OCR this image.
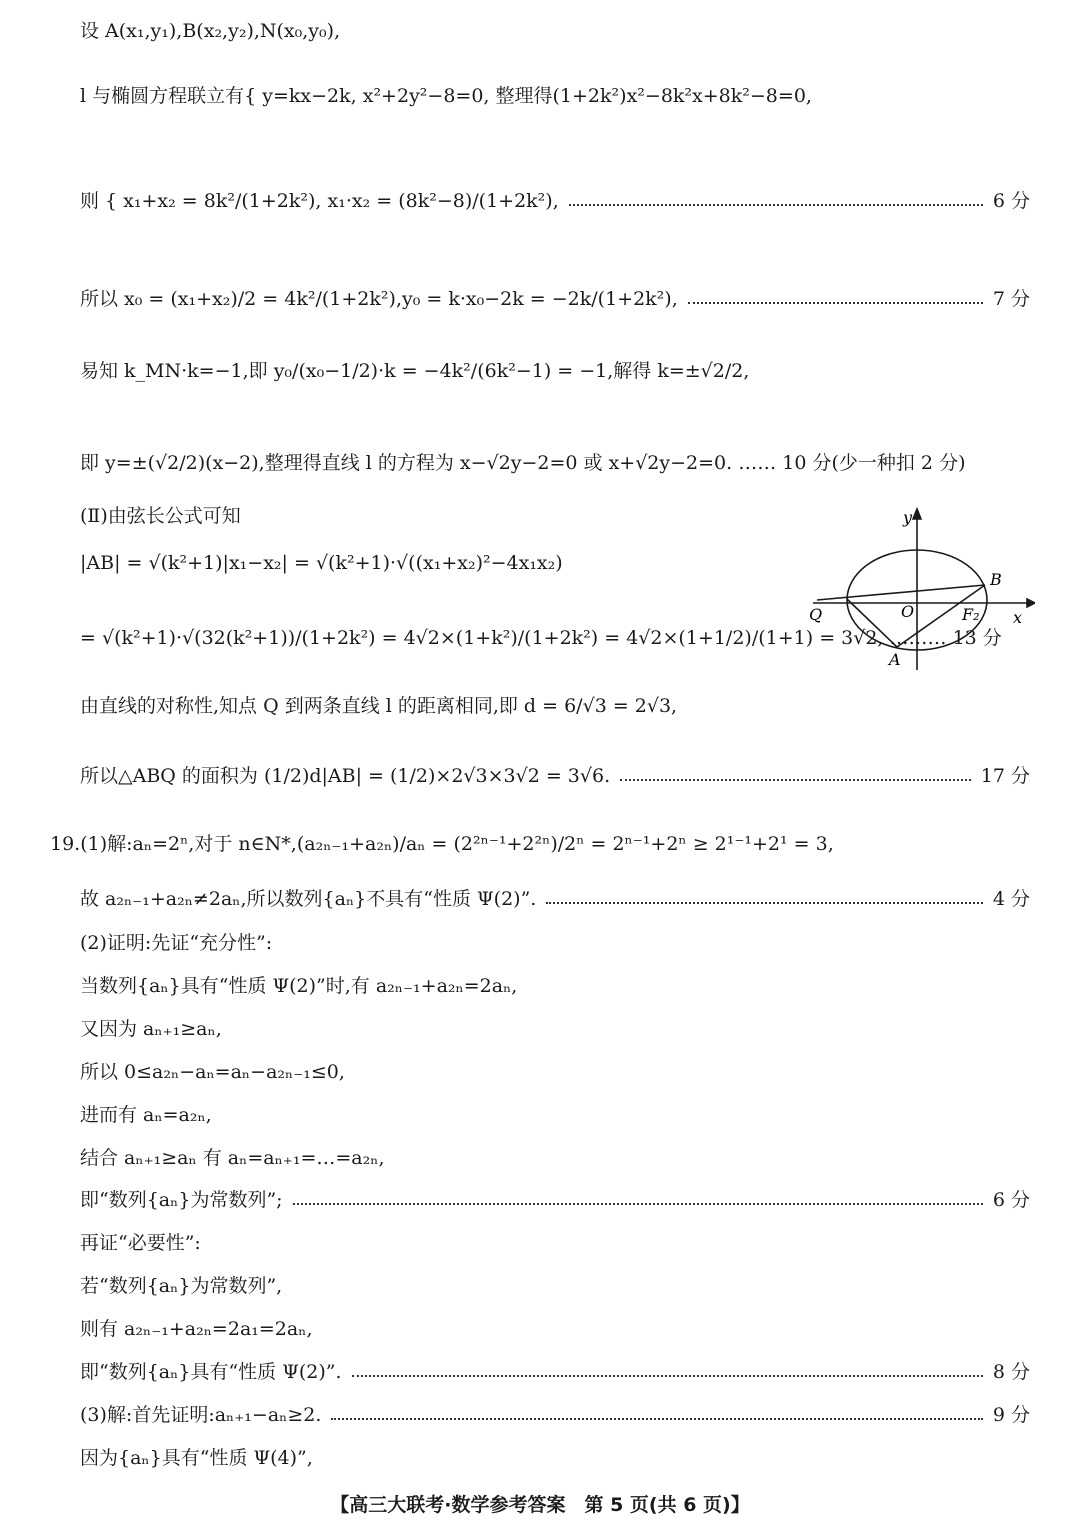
设 A(x₁,y₁),B(x₂,y₂),N(x₀,y₀),
l 与椭圆方程联立有{ y=kx−2k, x²+2y²−8=0, 整理得(1+2k²)x²−8k²x+8k²−8=0,
则 { x₁+x₂ = 8k²/(1+2k²), x₁·x₂ = (8k²−8)/(1+2k²),	6 分
所以 x₀ = (x₁+x₂)/2 = 4k²/(1+2k²),y₀ = k·x₀−2k = −2k/(1+2k²),	7 分
易知 k_MN·k=−1,即 y₀/(x₀−1/2)·k = −4k²/(6k²−1) = −1,解得 k=±√2/2,
即 y=±(√2/2)(x−2),整理得直线 l 的方程为 x−√2y−2=0 或 x+√2y−2=0. …… 10 分(少一种扣 2 分)
(Ⅱ)由弦长公式可知
|AB| = √(k²+1)|x₁−x₂| = √(k²+1)·√((x₁+x₂)²−4x₁x₂)
= √(k²+1)·√(32(k²+1))/(1+2k²) = 4√2×(1+k²)/(1+2k²) = 4√2×(1+1/2)/(1+1) = 3√2, ……… 13 分
由直线的对称性,知点 Q 到两条直线 l 的距离相同,即 d = 6/√3 = 2√3,
所以△ABQ 的面积为 (1/2)d|AB| = (1/2)×2√3×3√2 = 3√6.	17 分
19.(1)解:aₙ=2ⁿ,对于 n∈N*,(a₂ₙ₋₁+a₂ₙ)/aₙ = (2²ⁿ⁻¹+2²ⁿ)/2ⁿ = 2ⁿ⁻¹+2ⁿ ≥ 2¹⁻¹+2¹ = 3,
故 a₂ₙ₋₁+a₂ₙ≠2aₙ,所以数列{aₙ}不具有“性质 Ψ(2)”.	4 分
(2)证明:先证“充分性”:
当数列{aₙ}具有“性质 Ψ(2)”时,有 a₂ₙ₋₁+a₂ₙ=2aₙ,
又因为 aₙ₊₁≥aₙ,
所以 0≤a₂ₙ−aₙ=aₙ−a₂ₙ₋₁≤0,
进而有 aₙ=a₂ₙ,
结合 aₙ₊₁≥aₙ 有 aₙ=aₙ₊₁=…=a₂ₙ,
即“数列{aₙ}为常数列”;	6 分
再证“必要性”:
若“数列{aₙ}为常数列”,
则有 a₂ₙ₋₁+a₂ₙ=2a₁=2aₙ,
即“数列{aₙ}具有“性质 Ψ(2)”.	8 分
(3)解:首先证明:aₙ₊₁−aₙ≥2.	9 分
因为{aₙ}具有“性质 Ψ(4)”,
y
x
O
B
Q	F₂
A
【高三大联考·数学参考答案　第 5 页(共 6 页)】
